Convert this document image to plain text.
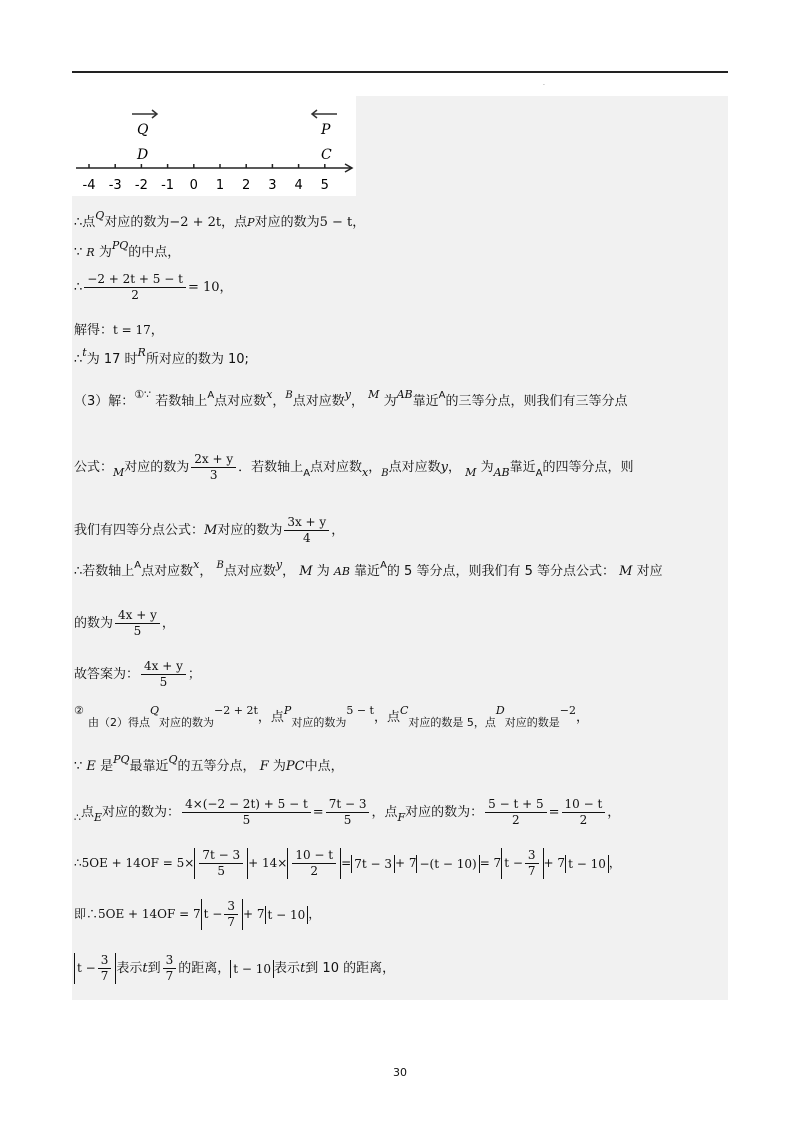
·
Q	P
D	C
-4 -3 -2 -1 0 1 2 3 4 5
∴点$^Q$对应的数为−2 + 2t，点P对应的数为5 − t，
∵ R 为$^{PQ}$的中点，
∴ $\frac{-2 + 2t + 5 - t}{2} = 10$，
解得：t = 17，
∴$^t$为 17 时$^R$所对应的数为 10;
（3）解：①∵ 若数轴上$^A$点对应数$^x$，$^B$点对应数$^y$， $^M$ 为$^{AB}$靠近$^A$的三等分点，则我们有三等分点
公式：$_M$对应的数为 $\frac{2x + y}{3}$ ．若数轴上$_A$点对应数$_x$，$_B$点对应数y， $_M$ 为$_{AB}$靠近$_A$的四等分点，则
我们有四等分点公式：M对应的数为 $\frac{3x + y}{4}$ ，
∴若数轴上$^A$点对应数$^x$， $^B$点对应数$^y$， M 为 AB 靠近$^A$的 5 等分点，则我们有 5 等分点公式： M 对应
的数为 $\frac{4x + y}{5}$ ，
故答案为： $\frac{4x + y}{5}$ ；
② $_{由(2)得点}^Q_{对应的数为}^{-2 + 2t}$，点$^P_{对应的数为}^{5 - t}$，点$^C_{对应的数是 5,点}^D_{对应的数是}^{-2}$，
∵ E 是$^{PQ}$最靠近$^Q$的五等分点， F 为PC中点，
$_\therefore$点$_E$对应的数为： $\frac{4\times(-2 - 2t) + 5 - t}{5} = \frac{7t - 3}{5}$ ，点$_F$对应的数为： $\frac{5 - t + 5}{2} = \frac{10 - t}{2}$ ，
∴5OE + $14OF = 5\times \frac{7t - 3}{5} + 14\times \frac{10 - t}{2} = 7t - 3 + 7 -(t - 10) = 7$ $t - \frac{3}{7} + 7$ t − 10 ，
即∴5OE + 14OF = 7 $t - \frac{3}{7} + 7$ t − 10 ，
$t - \frac{3}{7}$ 表示t到 $\frac{3}{7}$ 的距离， t − 10 表示t到 10 的距离，
30
